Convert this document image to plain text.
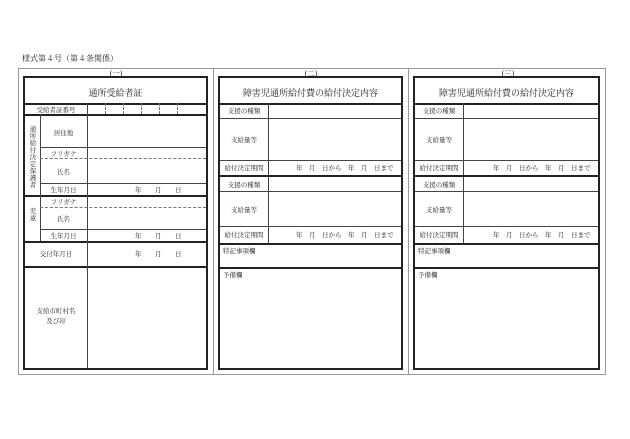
様式第４号（第４条関係）
(一)	(二)	(三)
通所受給者証
受給者証番号
通所給付決定保護者
居住地
フリガナ
氏名
生年月日	年 月 日
児童
フリガナ
氏名
生年月日	年 月 日
交付年月日	年 月 日
支給市町村名
及び印
障害児通所給付費の給付決定内容
支援の種類
支給量等
給付決定期間	年　月　日から　年　月　日まで
支援の種類
支給量等
給付決定期間	年　月　日から　年　月　日まで
特記事項欄
予備欄
障害児通所給付費の給付決定内容
支援の種類
支給量等
給付決定期間	年　月　日から　年　月　日まで
支援の種類
支給量等
給付決定期間	年　月　日から　年　月　日まで
特記事項欄
予備欄
